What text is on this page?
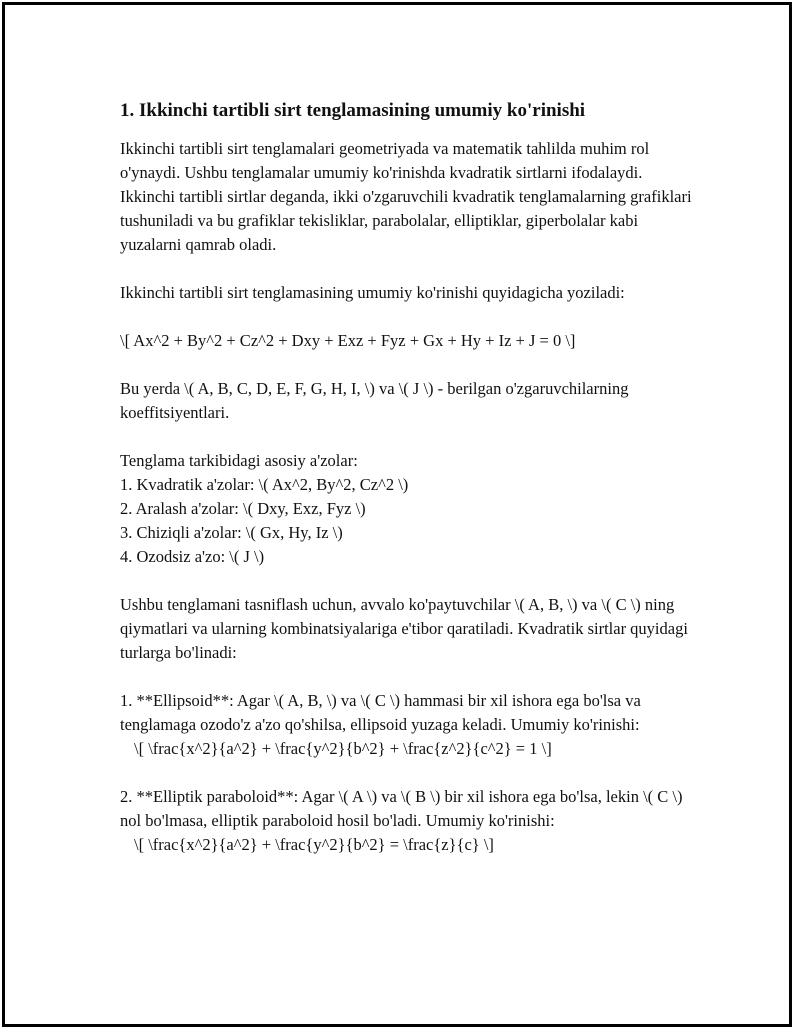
1. Ikkinchi tartibli sirt tenglamasining umumiy ko'rinishi

Ikkinchi tartibli sirt tenglamalari geometriyada va matematik tahlilda muhim rol o'ynaydi. Ushbu tenglamalar umumiy ko'rinishda kvadratik sirtlarni ifodalaydi. Ikkinchi tartibli sirtlar deganda, ikki o'zgaruvchili kvadratik tenglamalarning grafiklari tushuniladi va bu grafiklar tekisliklar, parabolalar, elliptiklar, giperbolalar kabi yuzalarni qamrab oladi.

Ikkinchi tartibli sirt tenglamasining umumiy ko'rinishi quyidagicha yoziladi:

\[ Ax^2 + By^2 + Cz^2 + Dxy + Exz + Fyz + Gx + Hy + Iz + J = 0 \]

Bu yerda \( A, B, C, D, E, F, G, H, I, \) va \( J \) - berilgan o'zgaruvchilarning koeffitsiyentlari.

Tenglama tarkibidagi asosiy a'zolar:

1. Kvadratik a'zolar: \( Ax^2, By^2, Cz^2 \)
2. Aralash a'zolar: \( Dxy, Exz, Fyz \)
3. Chiziqli a'zolar: \( Gx, Hy, Iz \)
4. Ozodsiz a'zo: \( J \)

Ushbu tenglamani tasniflash uchun, avvalo ko'paytuvchilar \( A, B, \) va \( C \) ning qiymatlari va ularning kombinatsiyalariga e'tibor qaratiladi. Kvadratik sirtlar quyidagi turlarga bo'linadi:

1. **Ellipsoid**: Agar \( A, B, \) va \( C \) hammasi bir xil ishora ega bo'lsa va tenglamaga ozodo'z a'zo qo'shilsa, ellipsoid yuzaga keladi. Umumiy ko'rinishi:

\[ \frac{x^2}{a^2} + \frac{y^2}{b^2} + \frac{z^2}{c^2} = 1 \]

2. **Elliptik paraboloid**: Agar \( A \) va \( B \) bir xil ishora ega bo'lsa, lekin \( C \) nol bo'lmasa, elliptik paraboloid hosil bo'ladi. Umumiy ko'rinishi:

\[ \frac{x^2}{a^2} + \frac{y^2}{b^2} = \frac{z}{c} \]
